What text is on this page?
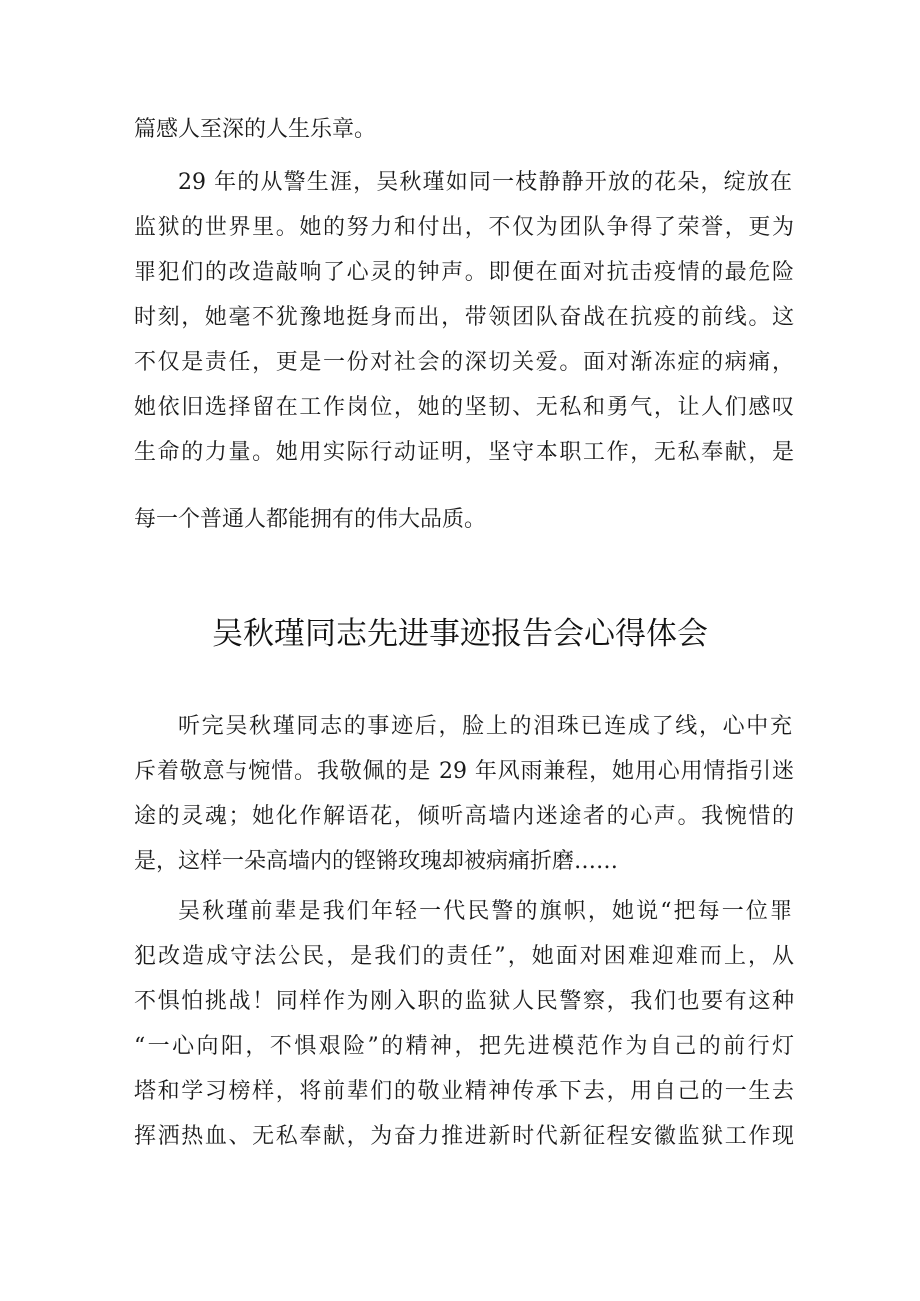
篇感人至深的人生乐章。
29 年的从警生涯，吴秋瑾如同一枝静静开放的花朵，绽放在
监狱的世界里。她的努力和付出，不仅为团队争得了荣誉，更为
罪犯们的改造敲响了心灵的钟声。即便在面对抗击疫情的最危险
时刻，她毫不犹豫地挺身而出，带领团队奋战在抗疫的前线。这
不仅是责任，更是一份对社会的深切关爱。面对渐冻症的病痛，
她依旧选择留在工作岗位，她的坚韧、无私和勇气，让人们感叹
生命的力量。她用实际行动证明，坚守本职工作，无私奉献，是
每一个普通人都能拥有的伟大品质。
吴秋瑾同志先进事迹报告会心得体会
听完吴秋瑾同志的事迹后，脸上的泪珠已连成了线，心中充
斥着敬意与惋惜。我敬佩的是 29 年风雨兼程，她用心用情指引迷
途的灵魂；她化作解语花，倾听高墙内迷途者的心声。我惋惜的
是，这样一朵高墙内的铿锵玫瑰却被病痛折磨……
吴秋瑾前辈是我们年轻一代民警的旗帜，她说“把每一位罪
犯改造成守法公民，是我们的责任”，她面对困难迎难而上，从
不惧怕挑战！同样作为刚入职的监狱人民警察，我们也要有这种
“一心向阳，不惧艰险”的精神，把先进模范作为自己的前行灯
塔和学习榜样，将前辈们的敬业精神传承下去，用自己的一生去
挥洒热血、无私奉献，为奋力推进新时代新征程安徽监狱工作现
